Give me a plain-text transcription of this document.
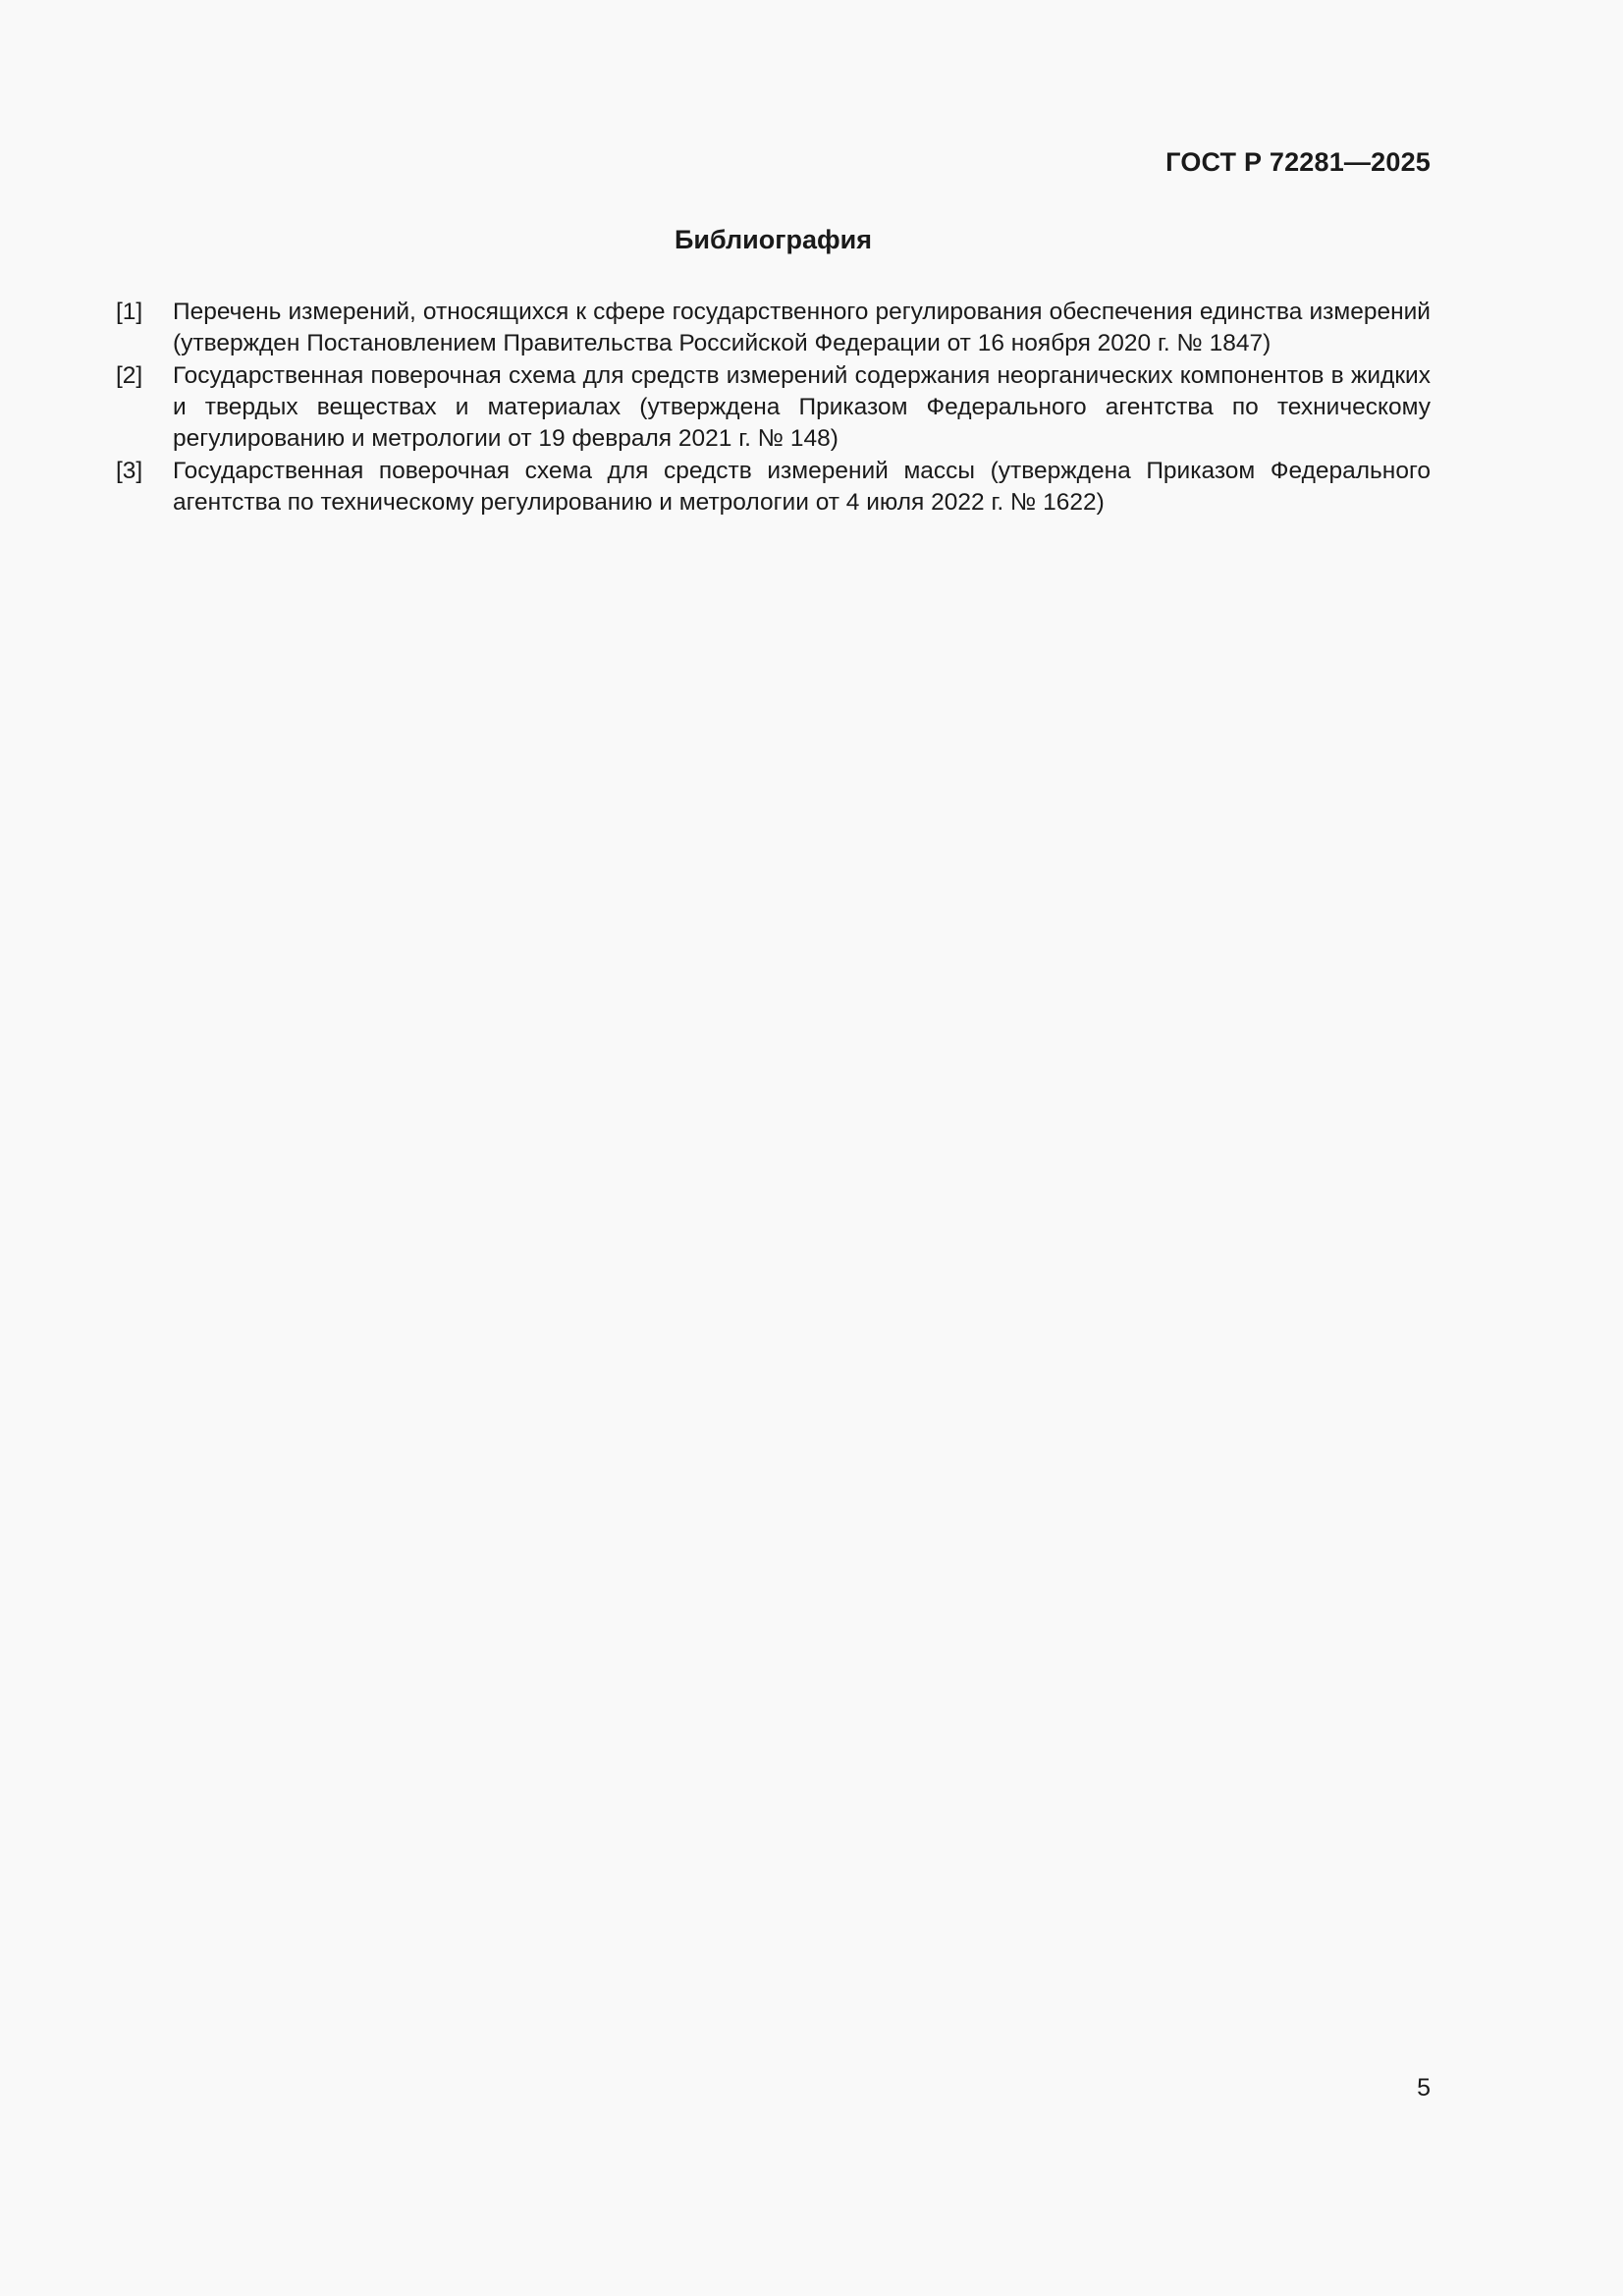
ГОСТ Р 72281—2025
Библиография
[1] Перечень измерений, относящихся к сфере государственного регулирования обеспечения единства измерений (утвержден Постановлением Правительства Российской Федерации от 16 ноября 2020 г. № 1847)
[2] Государственная поверочная схема для средств измерений содержания неорганических компонентов в жидких и твердых веществах и материалах (утверждена Приказом Федерального агентства по техническому регулированию и метрологии от 19 февраля 2021 г. № 148)
[3] Государственная поверочная схема для средств измерений массы (утверждена Приказом Федерального агентства по техническому регулированию и метрологии от 4 июля 2022 г. № 1622)
5
